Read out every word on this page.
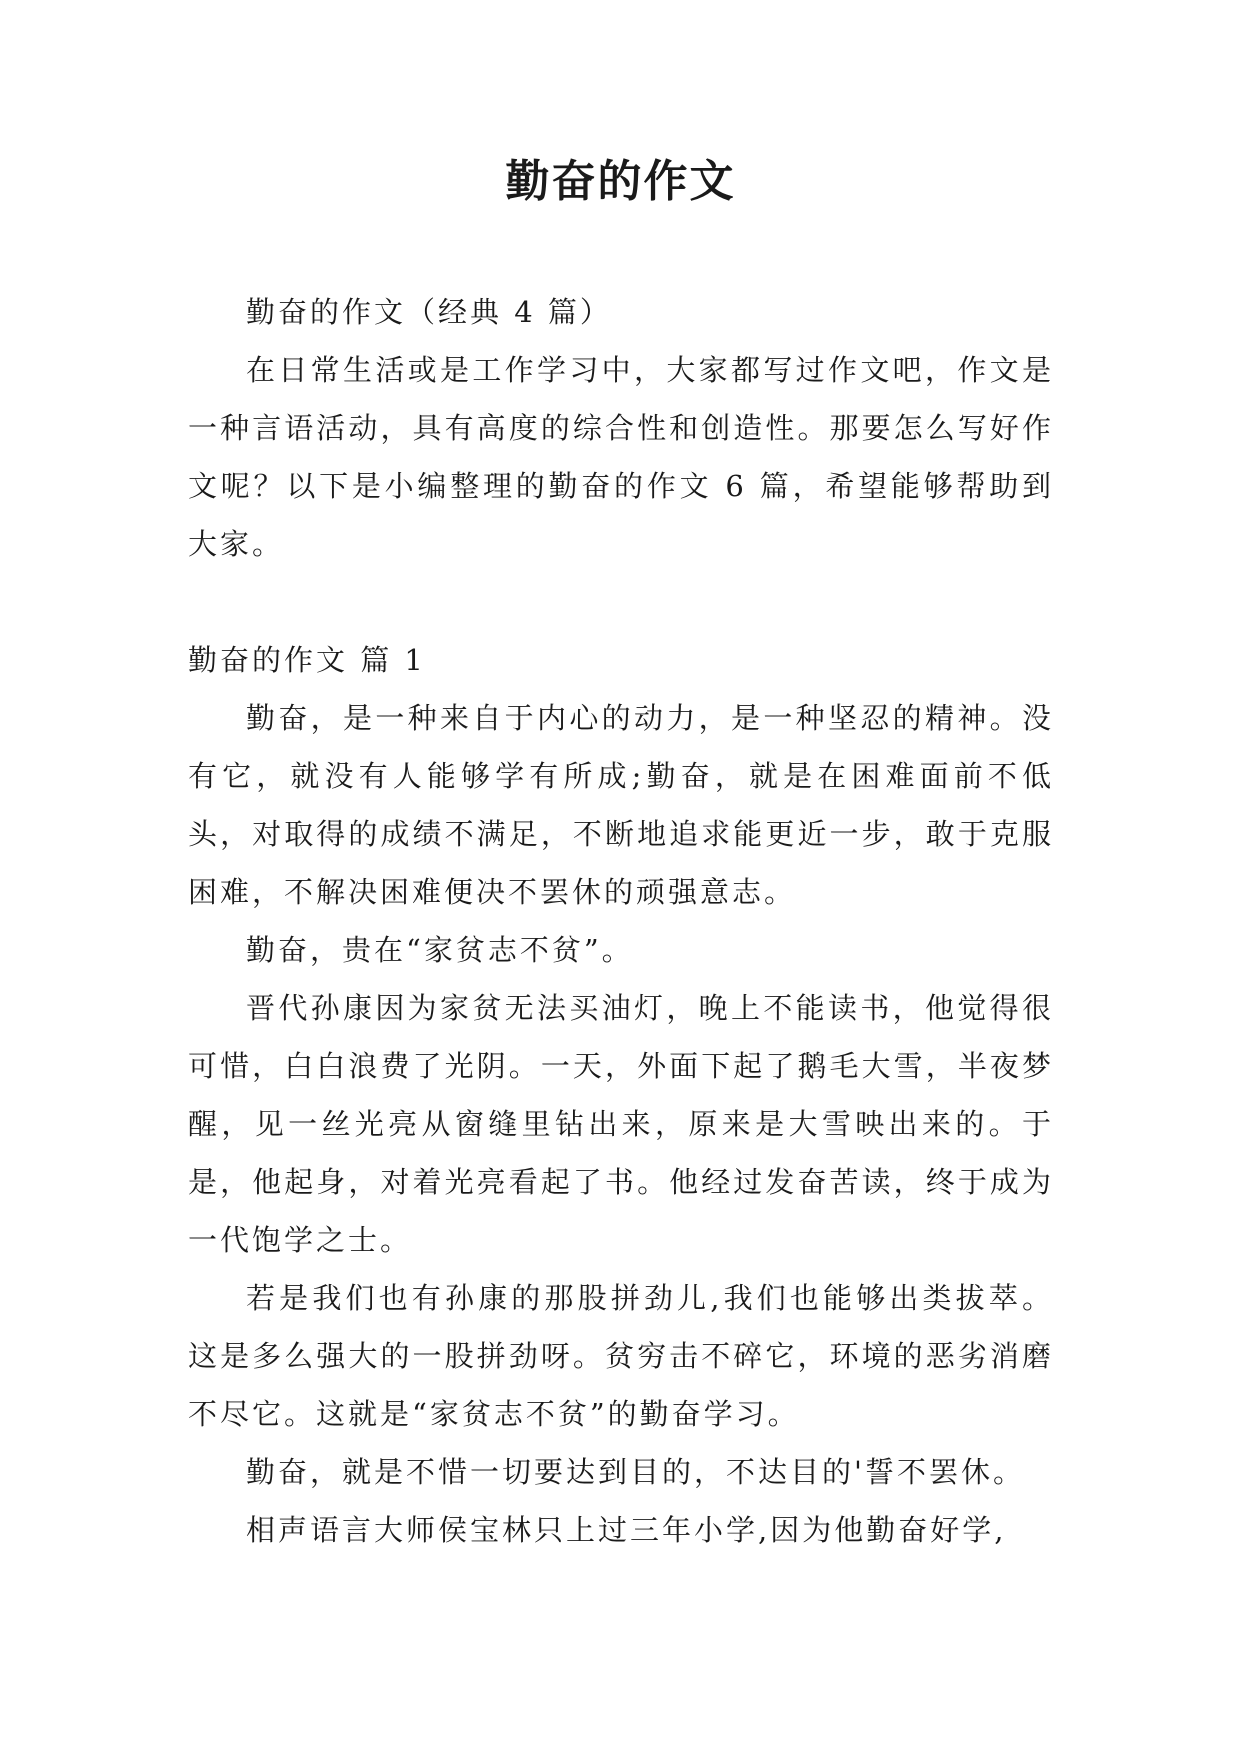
勤奋的作文
勤奋的作文（经典 4 篇）

在日常生活或是工作学习中，大家都写过作文吧，作文是一种言语活动，具有高度的综合性和创造性。那要怎么写好作文呢？以下是小编整理的勤奋的作文 6 篇，希望能够帮助到大家。

勤奋的作文 篇 1

勤奋，是一种来自于内心的动力，是一种坚忍的精神。没有它，就没有人能够学有所成;勤奋，就是在困难面前不低头，对取得的成绩不满足，不断地追求能更近一步，敢于克服困难，不解决困难便决不罢休的顽强意志。

勤奋，贵在“家贫志不贫”。

晋代孙康因为家贫无法买油灯，晚上不能读书，他觉得很可惜，白白浪费了光阴。一天，外面下起了鹅毛大雪，半夜梦醒，见一丝光亮从窗缝里钻出来，原来是大雪映出来的。于是，他起身，对着光亮看起了书。他经过发奋苦读，终于成为一代饱学之士。

若是我们也有孙康的那股拼劲儿,我们也能够出类拔萃。这是多么强大的一股拼劲呀。贫穷击不碎它，环境的恶劣消磨不尽它。这就是“家贫志不贫”的勤奋学习。

勤奋，就是不惜一切要达到目的，不达目的'誓不罢休。

相声语言大师侯宝林只上过三年小学,因为他勤奋好学,
